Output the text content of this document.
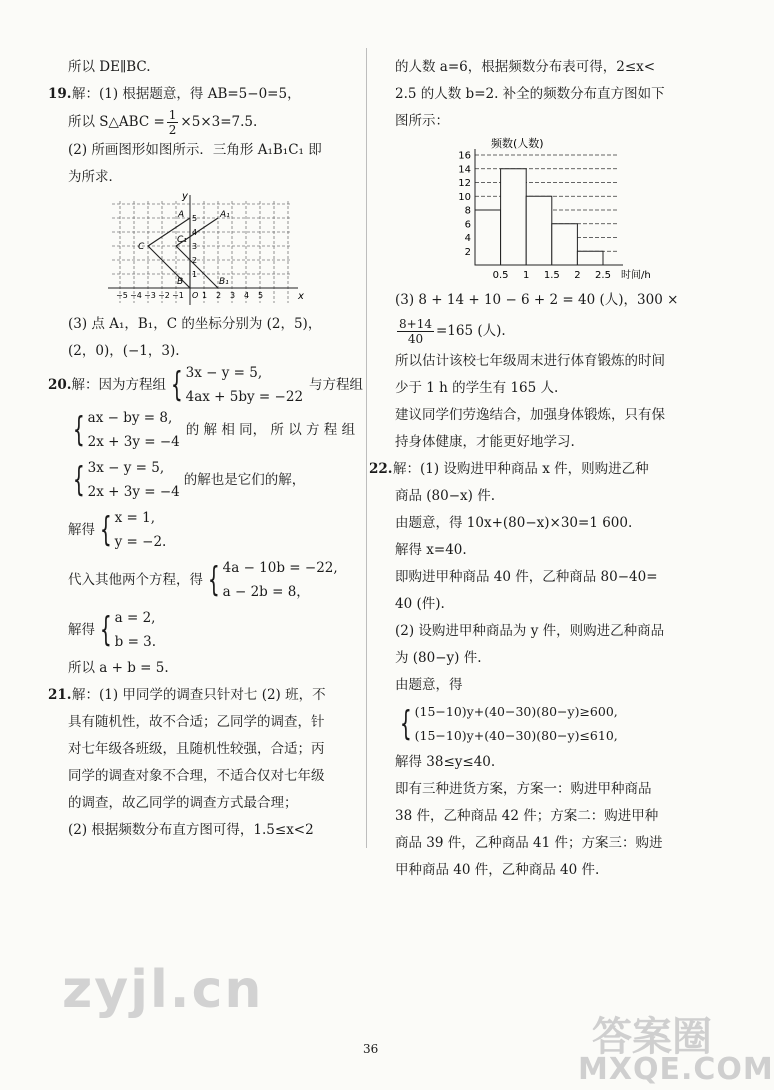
所以 DE∥BC.

19.解：(1) 根据题意，得 AB=5−0=5，

所以 S△ABC = $\frac{1}{2} \times 5\times 3=7.5$.

(2) 所画图形如图所示．三角形 A₁B₁C₁ 即

为所求．

y
x
A	A₁
C
C₁
B	B₁
O
−5 −4 −3 −2 −1 1 2 3 4 5
5
4
3
2
1

(3) 点 A₁，B₁，C 的坐标分别为 (2，5)，

(2，0)，(−1，3).

20. 解：因为方程组 { 3x − y = 5,
4ax + 5by = −22
与方程组
{ ax − by = 8,
2x + 3y = −4
的 解 相 同， 所 以 方 程 组
{ 3x − y = 5,
2x + 3y = −4
的解也是它们的解，
解得 { x = 1,
y = −2.
代入其他两个方程，得 { 4a − 10b = −22,
a − 2b = 8，
解得 { a = 2,
b = 3.

所以 a + b = 5.

21.解：(1) 甲同学的调查只针对七 (2) 班，不

具有随机性，故不合适；乙同学的调查，针

对七年级各班级，且随机性较强，合适；丙

同学的调查对象不合理，不适合仅对七年级

的调查，故乙同学的调查方式最合理；

(2) 根据频数分布直方图可得，1.5≤x<2

的人数 a=6，根据频数分布表可得，2≤x<

2.5 的人数 b=2. 补全的频数分布直方图如下

图所示：

16
14
12
10
8
6
4
2
0.5 1 1.5 2 2.5
频数(人数)
时间/h

(3) 8 + 14 + 10 − 6 + 2 = 40 (人)，300 ×

$\frac{8+14}{40} =165$ (人).

所以估计该校七年级周末进行体育锻炼的时间

少于 1 h 的学生有 165 人.

建议同学们劳逸结合，加强身体锻炼，只有保

持身体健康，才能更好地学习.

22.解：(1) 设购进甲种商品 x 件，则购进乙种

商品 (80−x) 件.

由题意，得 10x+(80−x)×30=1 600.

解得 x=40.

即购进甲种商品 40 件，乙种商品 80−40=

40 (件).

(2) 设购进甲种商品为 y 件，则购进乙种商品

为 (80−y) 件.

由题意，得

{ (15−10)y+(40−30)(80−y)≥600,
(15−10)y+(40−30)(80−y)≤610,

解得 38≤y≤40.

即有三种进货方案，方案一：购进甲种商品

38 件，乙种商品 42 件；方案二：购进甲种

商品 39 件，乙种商品 41 件；方案三：购进

甲种商品 40 件，乙种商品 40 件.

36
zyjl.cn
答案圈
MXQE.COM
